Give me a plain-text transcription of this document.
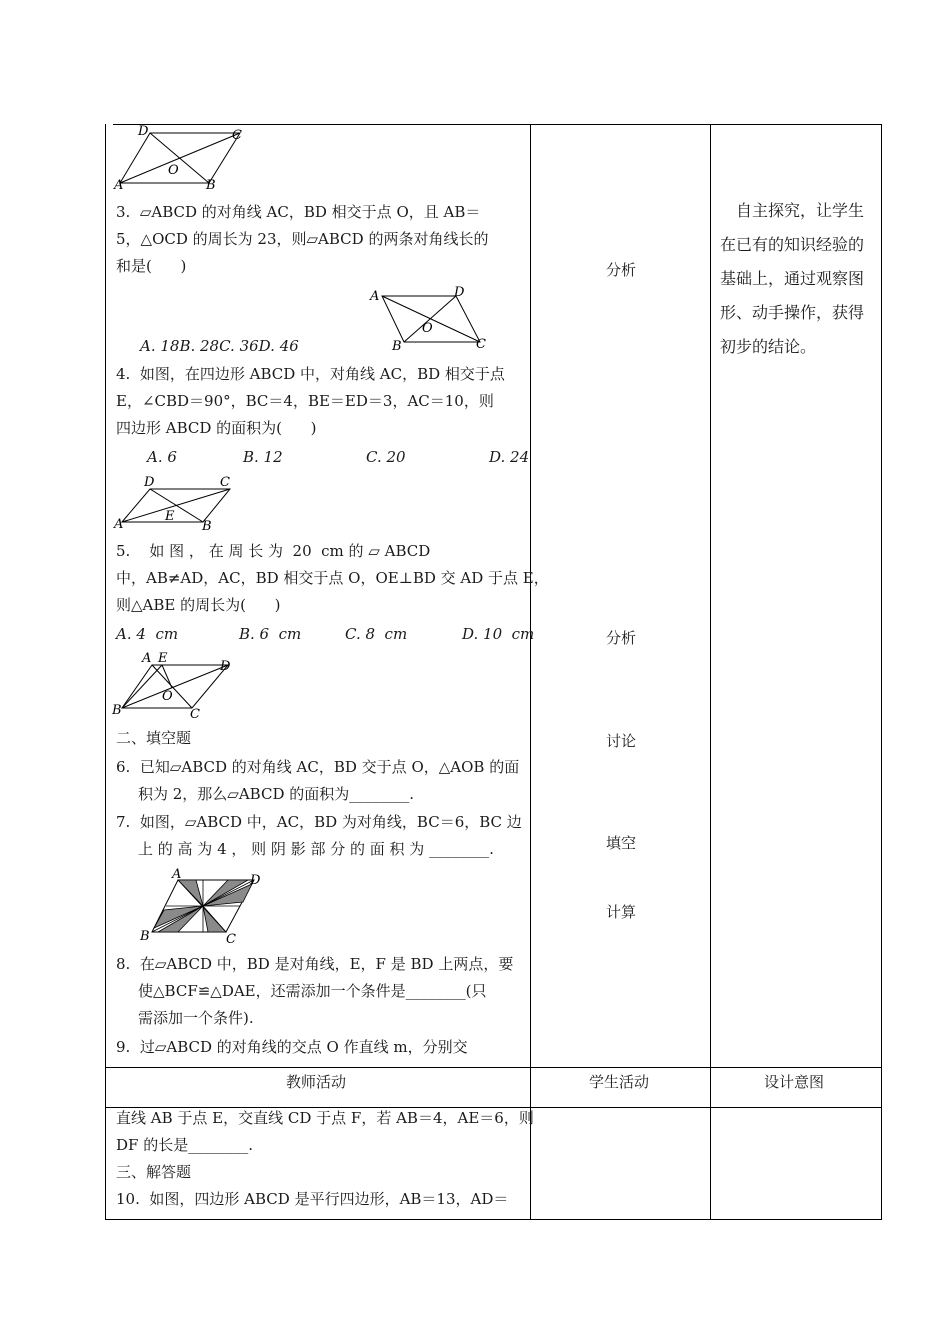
D	C
A	B
O
3.  ▱ABCD 的对角线 AC，BD 相交于点 O，且 AB＝
5，△OCD 的周长为 23，则▱ABCD 的两条对角线长的
和是(      )
A	D
B	C
O
A. 18B. 28C. 36D. 46
4.  如图，在四边形 ABCD 中，对角线 AC，BD 相交于点
E，∠CBD＝90°，BC＝4，BE＝ED＝3，AC＝10，则
四边形 ABCD 的面积为(      )
A. 6	B. 12	C. 20	D. 24
D	C
A	B
E
5.    如 图 ， 在 周 长 为  20  cm 的 ▱ ABCD
中，AB≠AD，AC，BD 相交于点 O，OE⊥BD 交 AD 于点 E，
则△ABE 的周长为(      )
A. 4  cm	B. 6  cm	C. 8  cm	D. 10  cm
A E
D
B	C
O
二、填空题
6.  已知▱ABCD 的对角线 AC，BD 交于点 O，△AOB 的面
积为 2，那么▱ABCD 的面积为________.
7.  如图，▱ABCD 中，AC，BD 为对角线，BC＝6，BC 边
上 的 高 为 4 ， 则 阴 影 部 分 的 面 积 为 ________.
A	D
B	C
8.  在▱ABCD 中，BD 是对角线，E，F 是 BD 上两点，要
使△BCF≌△DAE，还需添加一个条件是________(只
需添加一个条件).
9.  过▱ABCD 的对角线的交点 O 作直线 m，分别交
分析
分析
讨论
填空
计算
自主探究，让学生在已有的知识经验的基础上，通过观察图形、动手操作，获得初步的结论。
教师活动	学生活动	设计意图
直线 AB 于点 E，交直线 CD 于点 F，若 AB＝4，AE＝6，则
DF 的长是________.
三、解答题
10.  如图，四边形 ABCD 是平行四边形，AB＝13，AD＝
